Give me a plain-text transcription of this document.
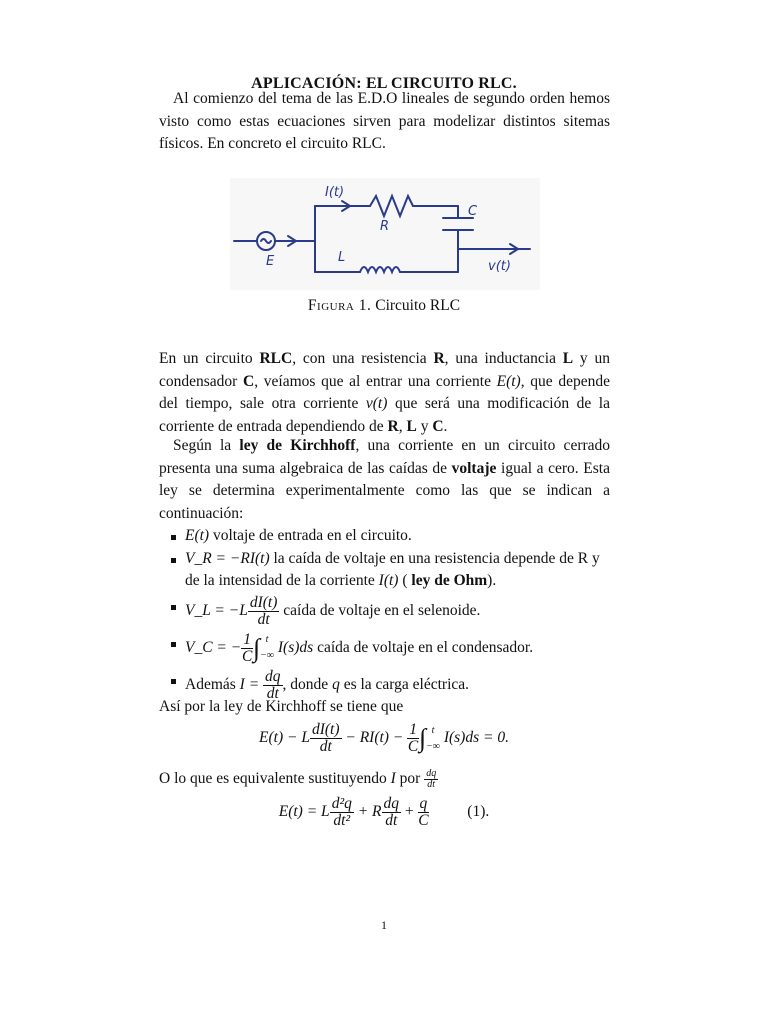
APLICACIÓN: EL CIRCUITO RLC.

Al comienzo del tema de las E.D.O lineales de segundo orden hemos visto como estas ecuaciones sirven para modelizar distintos sitemas físicos. En concreto el circuito RLC.

I(t)
R
C
L
E	v(t)
Figura 1. Circuito RLC

En un circuito RLC, con una resistencia R, una inductancia L y un condensador C, veíamos que al entrar una corriente E(t), que depende del tiempo, sale otra corriente v(t) que será una modificación de la corriente de entrada dependiendo de R, L y C.

Según la ley de Kirchhoff, una corriente en un circuito cerrado presenta una suma algebraica de las caídas de voltaje igual a cero. Esta ley se determina experimentalmente como las que se indican a continuación:

E(t) voltaje de entrada en el circuito.
V_R = −RI(t) la caída de voltaje en una resistencia depende de R y de la intensidad de la corriente I(t) ( ley de Ohm).
V_L = $-L \frac{dI(t)}{dt}$ caída de voltaje en el selenoide.
V_C = − $\frac{1}{C}$ ∫ t
−∞ I(s)ds caída de voltaje en el condensador.
Además $I = \frac{dq}{dt}$ , donde q es la carga eléctrica.

Así por la ley de Kirchhoff se tiene que

E(t) − L $\frac{dI(t)}{dt} - RI(t) - \frac{1}{C}$ ∫ t
−∞ I(s)ds = 0.

O lo que es equivalente sustituyendo I por $\frac{dq}{dt}$

E(t) = L $\frac{\text{d²q}}{\text{dt²}} + R \frac{dq}{dt} + \frac{q}{C} (1)$.
1
